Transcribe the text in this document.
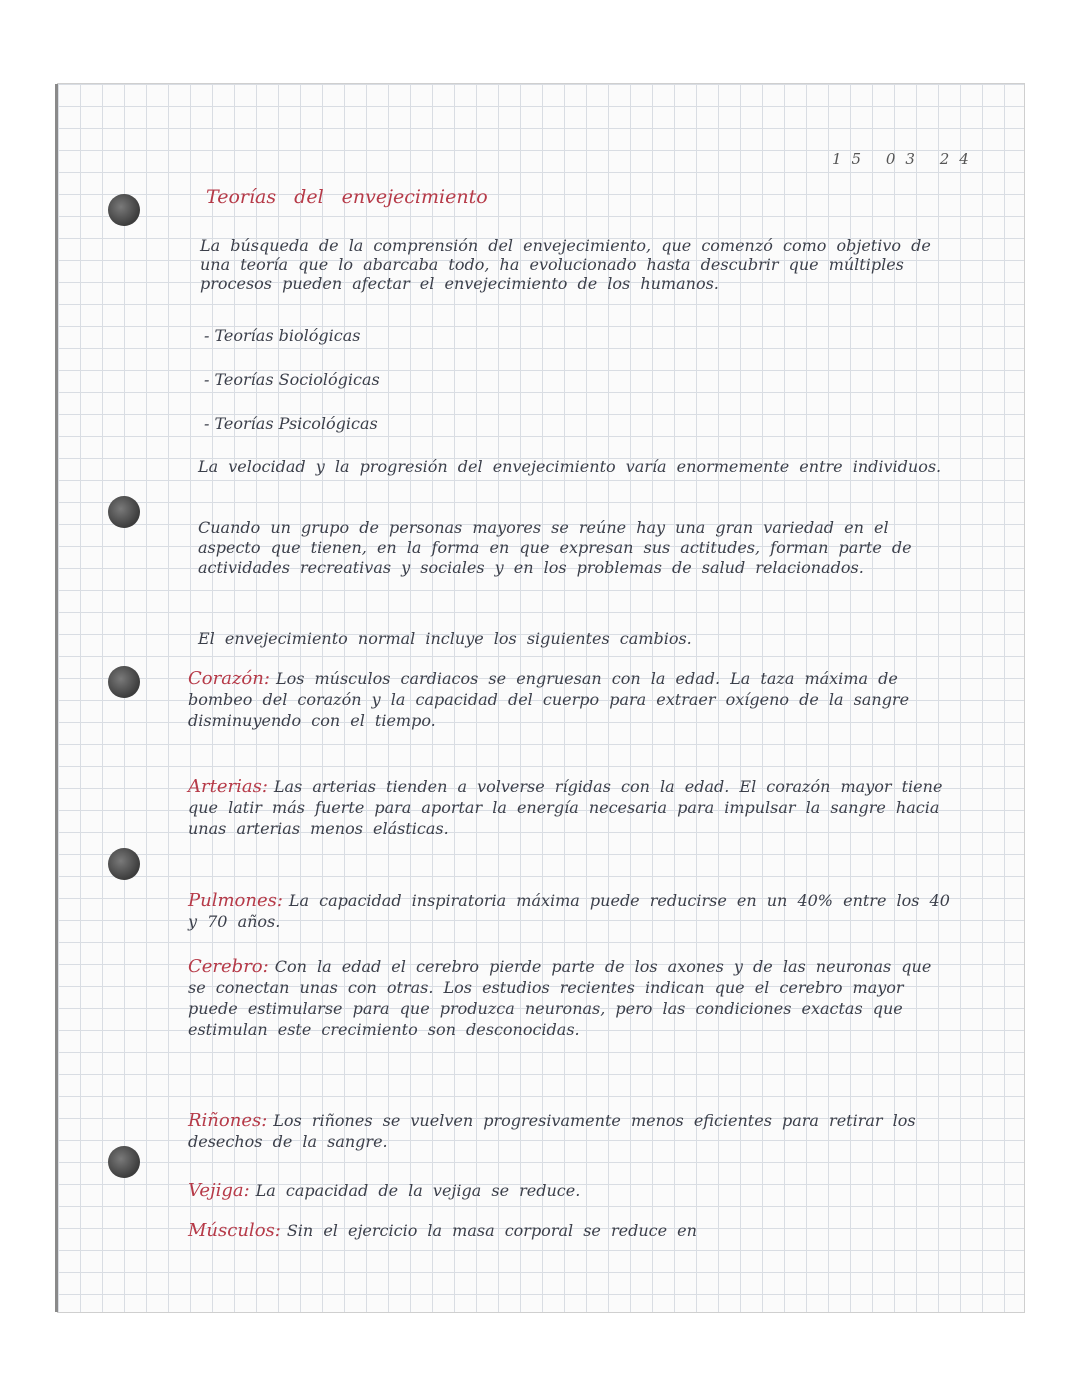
15 03 24
Teorías del envejecimiento
La búsqueda de la comprensión del envejecimiento, que comenzó como objetivo de una teoría que lo abarcaba todo, ha evolucionado hasta descubrir que múltiples procesos pueden afectar el envejecimiento de los humanos.
- Teorías biológicas
- Teorías Sociológicas
- Teorías Psicológicas
La velocidad y la progresión del envejecimiento varía enormemente entre individuos.
Cuando un grupo de personas mayores se reúne hay una gran variedad en el aspecto que tienen, en la forma en que expresan sus actitudes, forman parte de actividades recreativas y sociales y en los problemas de salud relacionados.
El envejecimiento normal incluye los siguientes cambios.
Corazón: Los músculos cardiacos se engruesan con la edad. La taza máxima de bombeo del corazón y la capacidad del cuerpo para extraer oxígeno de la sangre disminuyendo con el tiempo.
Arterias: Las arterias tienden a volverse rígidas con la edad. El corazón mayor tiene que latir más fuerte para aportar la energía necesaria para impulsar la sangre hacia unas arterias menos elásticas.
Pulmones: La capacidad inspiratoria máxima puede reducirse en un 40% entre los 40 y 70 años.
Cerebro: Con la edad el cerebro pierde parte de los axones y de las neuronas que se conectan unas con otras. Los estudios recientes indican que el cerebro mayor puede estimularse para que produzca neuronas, pero las condiciones exactas que estimulan este crecimiento son desconocidas.
Riñones: Los riñones se vuelven progresivamente menos eficientes para retirar los desechos de la sangre.
Vejiga: La capacidad de la vejiga se reduce.
Músculos: Sin el ejercicio la masa corporal se reduce en
